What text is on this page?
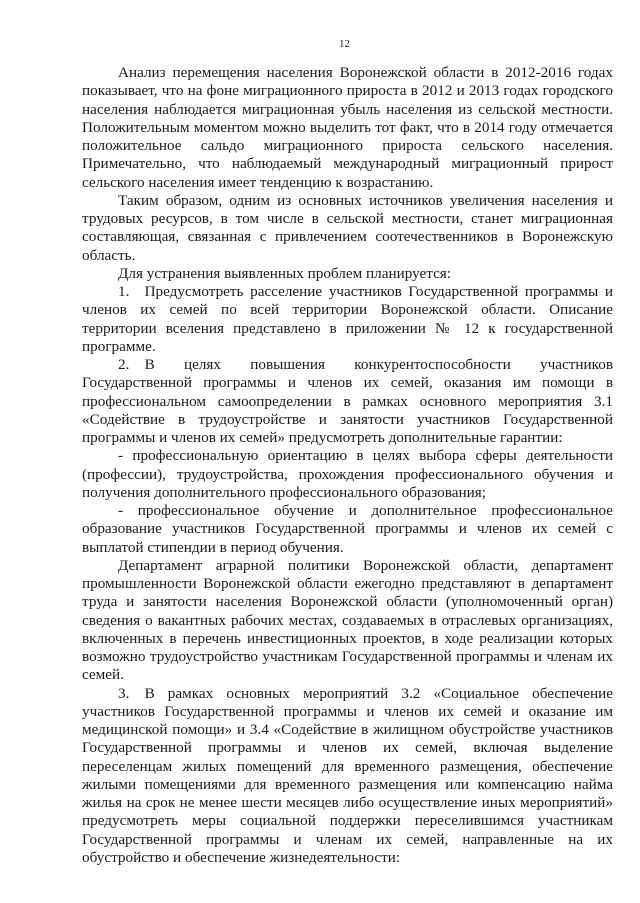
12

Анализ перемещения населения Воронежской области в 2012-2016 годах показывает, что на фоне миграционного прироста в 2012 и 2013 годах городского населения наблюдается миграционная убыль населения из сельской местности. Положительным моментом можно выделить тот факт, что в 2014 году отмечается положительное сальдо миграционного прироста сельского населения. Примечательно, что наблюдаемый международный миграционный прирост сельского населения имеет тенденцию к возрастанию.

Таким образом, одним из основных источников увеличения населения и трудовых ресурсов, в том числе в сельской местности, станет миграционная составляющая, связанная с привлечением соотечественников в Воронежскую область.

Для устранения выявленных проблем планируется:

1. Предусмотреть расселение участников Государственной программы и членов их семей по всей территории Воронежской области. Описание территории вселения представлено в приложении № 12 к государственной программе.

2. В целях повышения конкурентоспособности участников Государственной программы и членов их семей, оказания им помощи в профессиональном самоопределении в рамках основного мероприятия 3.1 «Содействие в трудоустройстве и занятости участников Государственной программы и членов их семей» предусмотреть дополнительные гарантии:

- профессиональную ориентацию в целях выбора сферы деятельности (профессии), трудоустройства, прохождения профессионального обучения и получения дополнительного профессионального образования;

- профессиональное обучение и дополнительное профессиональное образование участников Государственной программы и членов их семей с выплатой стипендии в период обучения.

Департамент аграрной политики Воронежской области, департамент промышленности Воронежской области ежегодно представляют в департамент труда и занятости населения Воронежской области (уполномоченный орган) сведения о вакантных рабочих местах, создаваемых в отраслевых организациях, включенных в перечень инвестиционных проектов, в ходе реализации которых возможно трудоустройство участникам Государственной программы и членам их семей.

3. В рамках основных мероприятий 3.2 «Социальное обеспечение участников Государственной программы и членов их семей и оказание им медицинской помощи» и 3.4 «Содействие в жилищном обустройстве участников Государственной программы и членов их семей, включая выделение переселенцам жилых помещений для временного размещения, обеспечение жилыми помещениями для временного размещения или компенсацию найма жилья на срок не менее шести месяцев либо осуществление иных мероприятий» предусмотреть меры социальной поддержки переселившимся участникам Государственной программы и членам их семей, направленные на их обустройство и обеспечение жизнедеятельности:
